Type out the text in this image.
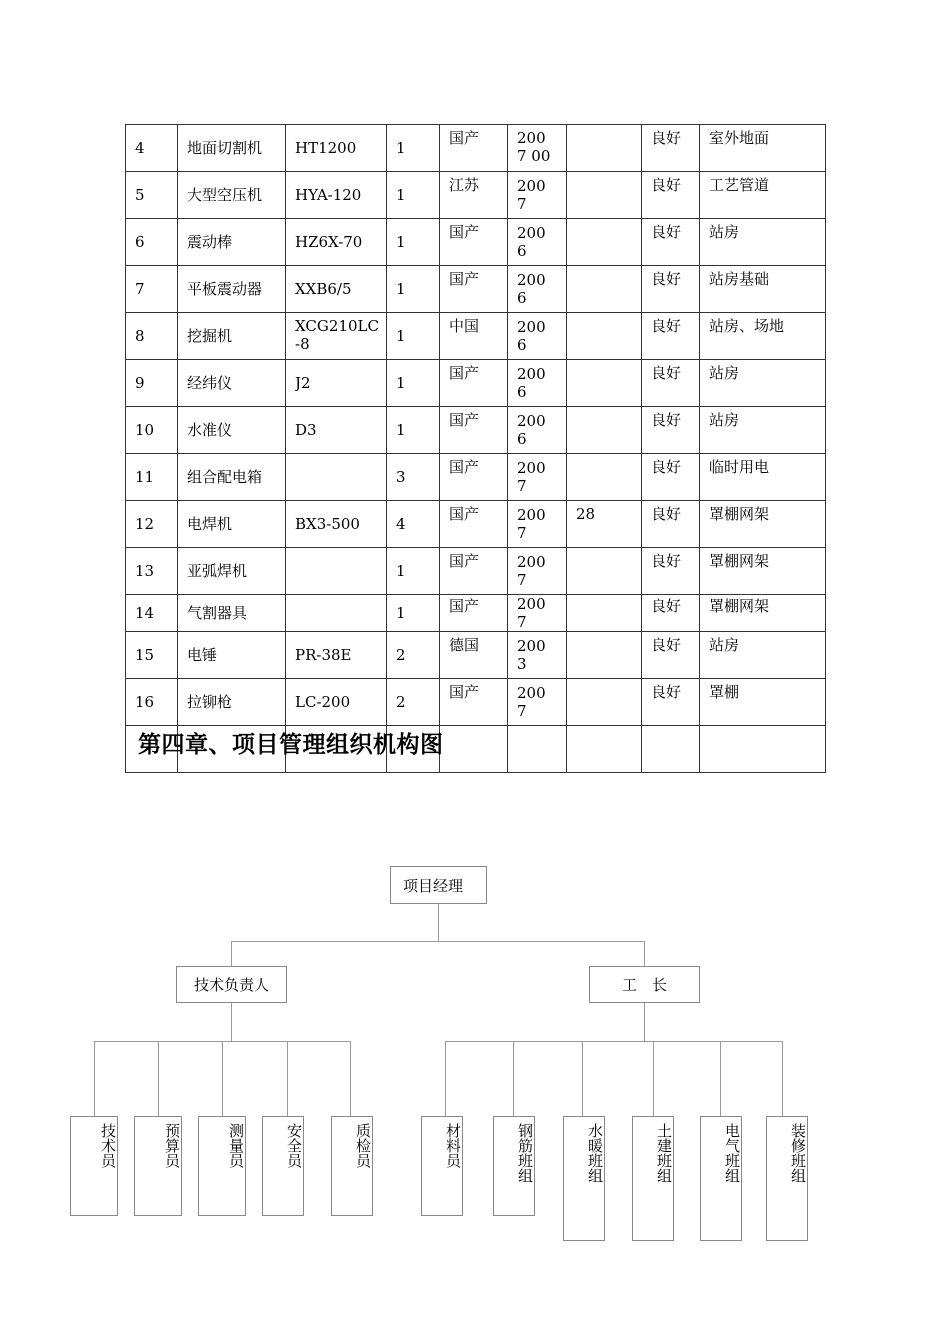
4	地面切割机	HT1200	1	国产	2007 00		良好	室外地面
5	大型空压机	HYA-120	1	江苏	2007		良好	工艺管道
6	震动棒	HZ6X-70	1	国产	2006		良好	站房
7	平板震动器	XXB6/5	1	国产	2006		良好	站房基础
8	挖掘机	XCG210LC-8	1	中国	2006		良好	站房、场地
9	经纬仪	J2	1	国产	2006		良好	站房
10	水准仪	D3	1	国产	2006		良好	站房
11	组合配电箱		3	国产	2007		良好	临时用电
12	电焊机	BX3-500	4	国产	2007	28	良好	罩棚网架
13	亚弧焊机		1	国产	2007		良好	罩棚网架
14	气割器具		1	国产	2007		良好	罩棚网架
15	电锤	PR-38E	2	德国	2003		良好	站房
16	拉铆枪	LC-200	2	国产	2007		良好	罩棚

第四章、项目管理组织机构图
项目经理
技术负责人	工　长
技术员	预算员	测量员	安全员	质检员	材料员	钢筋班组	水暖班组	土建班组	电气班组	装修班组
